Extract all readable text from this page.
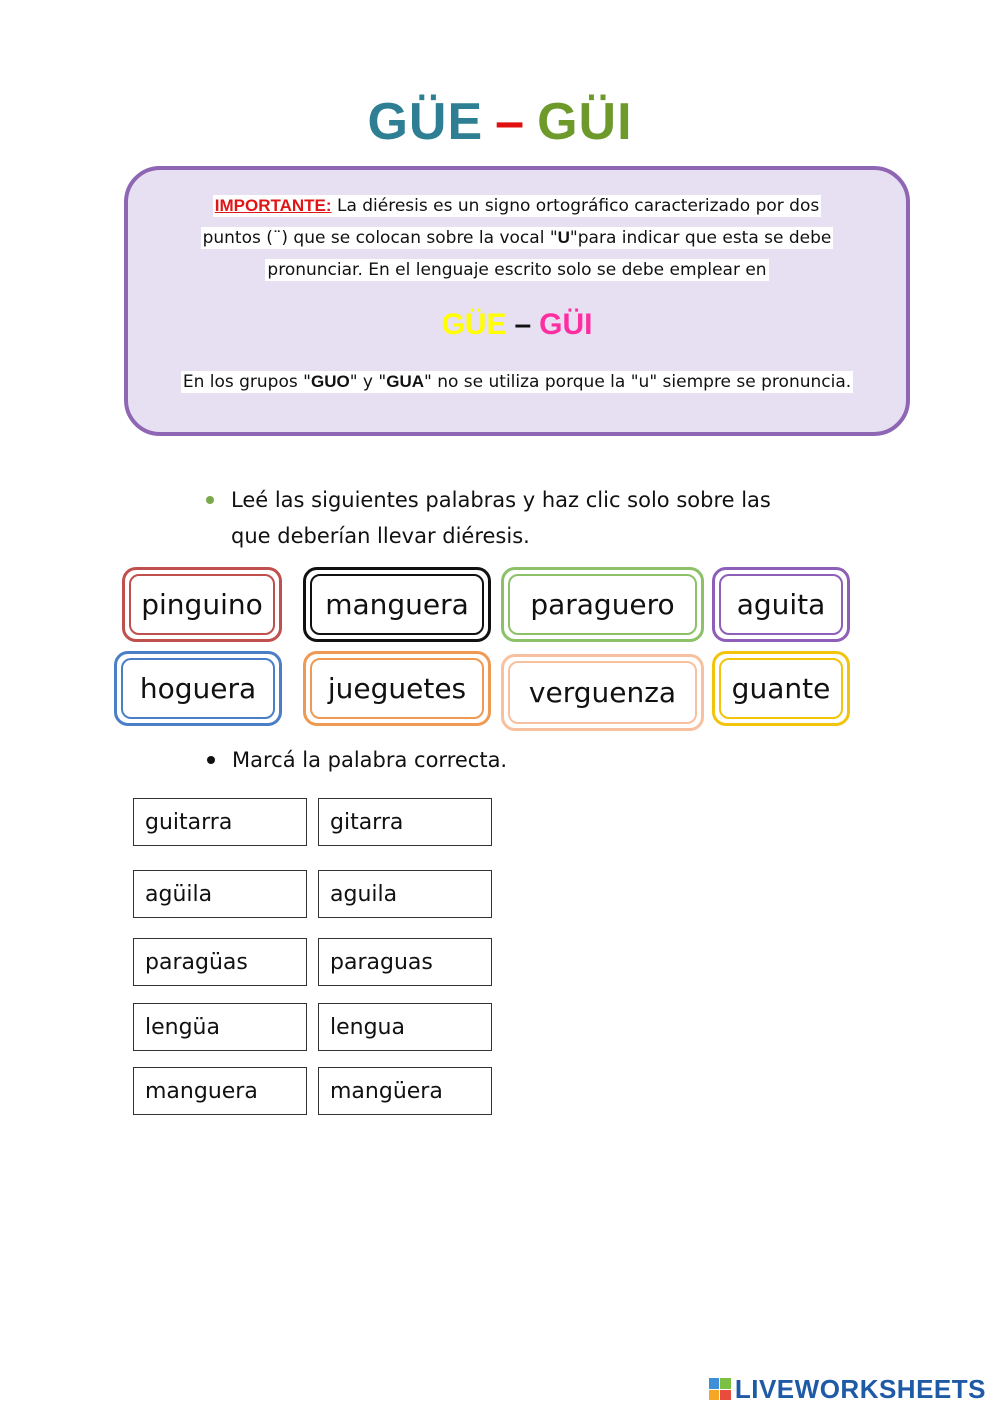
GÜE – GÜI
IMPORTANTE: La diéresis es un signo ortográfico caracterizado por dos
puntos (¨) que se colocan sobre la vocal "U"para indicar que esta se debe
pronunciar. En el lenguaje escrito solo se debe emplear en
GÜE – GÜI
En los grupos "GUO" y "GUA" no se utiliza porque la "u" siempre se pronuncia.
Leé las siguientes palabras y haz clic solo sobre las
que deberían llevar diéresis.
pinguino manguera paraguero aguita
hoguera	jueguetes verguenza guante
Marcá la palabra correcta.
guitarra	gitarra
agüila	aguila
paragüas	paraguas
lengüa	lengua
manguera	mangüera
LIVEWORKSHEETS
